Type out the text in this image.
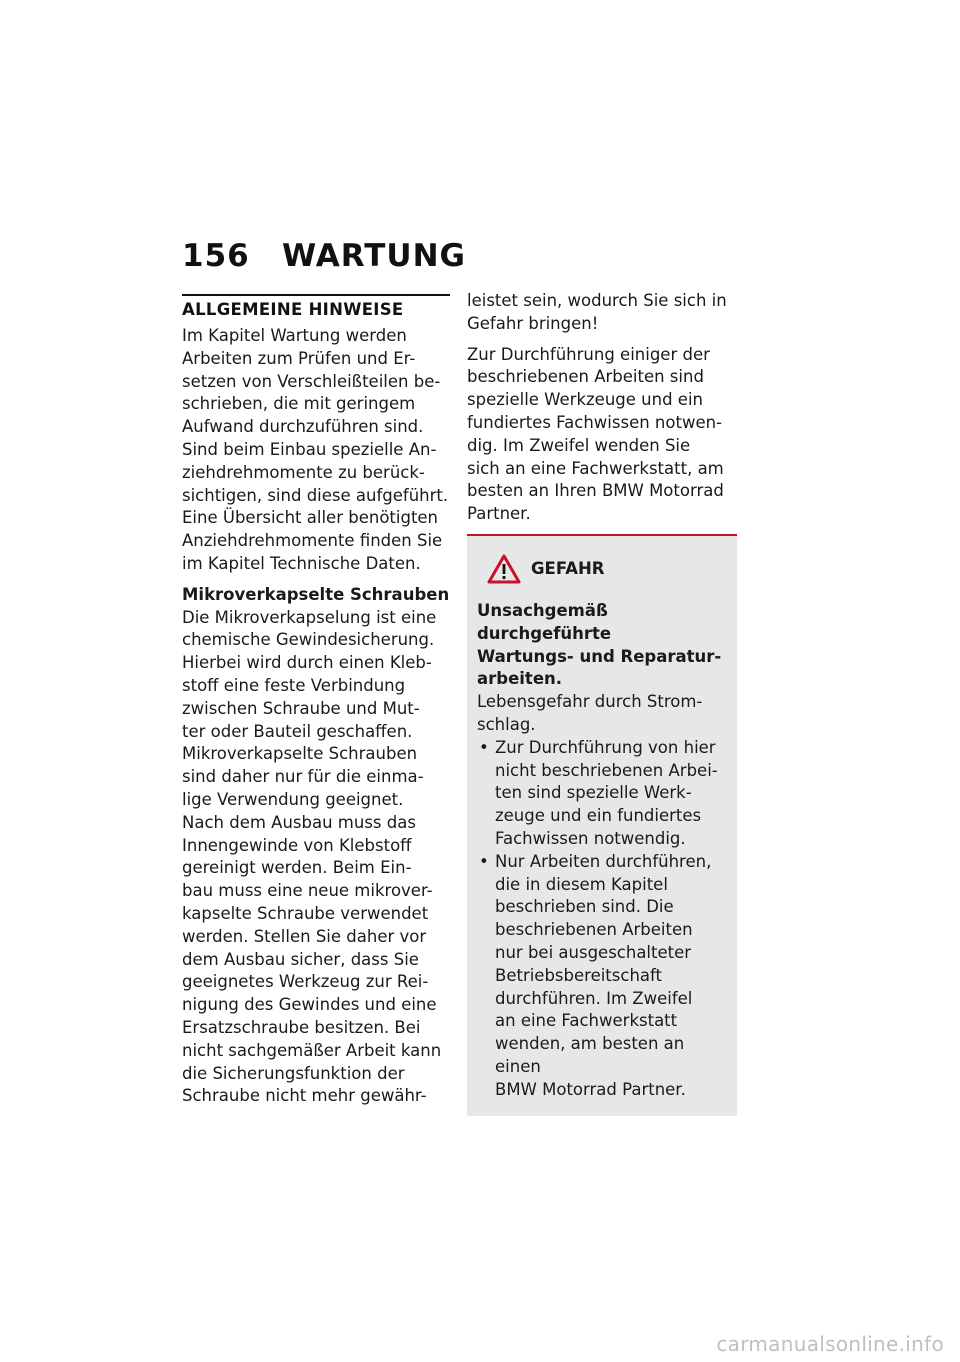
156 WARTUNG
ALLGEMEINE HINWEISE

Im Kapitel Wartung werden
Arbeiten zum Prüfen und Er-
setzen von Verschleißteilen be-
schrieben, die mit geringem
Aufwand durchzuführen sind.
Sind beim Einbau spezielle An-
ziehdrehmomente zu berück-
sichtigen, sind diese aufgeführt.
Eine Übersicht aller benötigten
Anziehdrehmomente finden Sie
im Kapitel Technische Daten.

Mikroverkapselte Schrauben

Die Mikroverkapselung ist eine
chemische Gewindesicherung.
Hierbei wird durch einen Kleb-
stoff eine feste Verbindung
zwischen Schraube und Mut-
ter oder Bauteil geschaffen.
Mikroverkapselte Schrauben
sind daher nur für die einma-
lige Verwendung geeignet.
Nach dem Ausbau muss das
Innengewinde von Klebstoff
gereinigt werden. Beim Ein-
bau muss eine neue mikrover-
kapselte Schraube verwendet
werden. Stellen Sie daher vor
dem Ausbau sicher, dass Sie
geeignetes Werkzeug zur Rei-
nigung des Gewindes und eine
Ersatzschraube besitzen. Bei
nicht sachgemäßer Arbeit kann
die Sicherungsfunktion der
Schraube nicht mehr gewähr-

leistet sein, wodurch Sie sich in
Gefahr bringen!

Zur Durchführung einiger der
beschriebenen Arbeiten sind
spezielle Werkzeuge und ein
fundiertes Fachwissen notwen-
dig. Im Zweifel wenden Sie
sich an eine Fachwerkstatt, am
besten an Ihren BMW Motorrad
Partner.

GEFAHR

Unsachgemäß durchgeführte
Wartungs- und Reparatur-
arbeiten.

Lebensgefahr durch Strom-
schlag.

• Zur Durchführung von hier
nicht beschriebenen Arbei-
ten sind spezielle Werk-
zeuge und ein fundiertes
Fachwissen notwendig.
• Nur Arbeiten durchführen,
die in diesem Kapitel
beschrieben sind. Die
beschriebenen Arbeiten
nur bei ausgeschalteter
Betriebsbereitschaft
durchführen. Im Zweifel
an eine Fachwerkstatt
wenden, am besten an einen
BMW Motorrad Partner.
carmanualsonline.info
